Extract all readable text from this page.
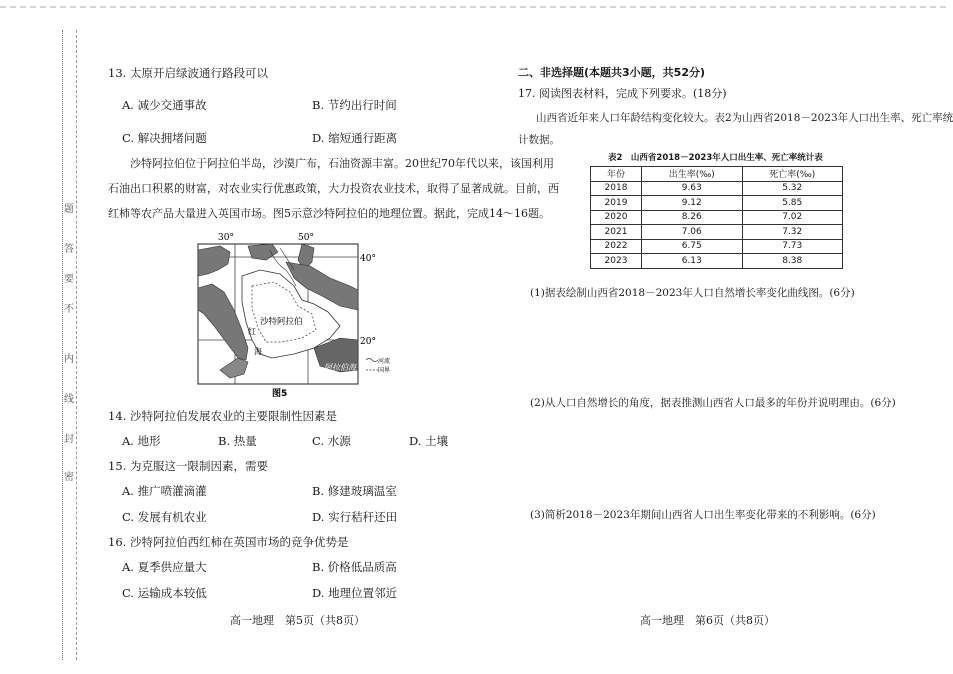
题
答
要
不
内
线
封
密
13. 太原开启绿波通行路段可以
A. 减少交通事故	B. 节约出行时间
C. 解决拥堵问题	D. 缩短通行距离
沙特阿拉伯位于阿拉伯半岛，沙漠广布，石油资源丰富。20世纪70年代以来，该国利用
石油出口积累的财富，对农业实行优惠政策，大力投资农业技术，取得了显著成就。目前，西
红柿等农产品大量进入英国市场。图5示意沙特阿拉伯的地理位置。据此，完成14～16题。
30°	50°
40°
20°
沙特阿拉伯
红
海
阿拉伯海
河流
国界
图5
14. 沙特阿拉伯发展农业的主要限制性因素是
A. 地形	B. 热量	C. 水源	D. 土壤
15. 为克服这一限制因素，需要
A. 推广喷灌滴灌	B. 修建玻璃温室
C. 发展有机农业	D. 实行秸秆还田
16. 沙特阿拉伯西红柿在英国市场的竞争优势是
A. 夏季供应量大	B. 价格低品质高
C. 运输成本较低	D. 地理位置邻近
高一地理　第5页（共8页）
二、非选择题(本题共3小题，共52分)
17. 阅读图表材料，完成下列要求。(18分)
山西省近年来人口年龄结构变化较大。表2为山西省2018－2023年人口出生率、死亡率统
计数据。
表2　山西省2018－2023年人口出生率、死亡率统计表
年份	出生率(‰)	死亡率(‰)
2018	9.63	5.32
2019	9.12	5.85
2020	8.26	7.02
2021	7.06	7.32
2022	6.75	7.73
2023	6.13	8.38
(1)据表绘制山西省2018－2023年人口自然增长率变化曲线图。(6分)
(2)从人口自然增长的角度，据表推测山西省人口最多的年份并说明理由。(6分)
(3)简析2018－2023年期间山西省人口出生率变化带来的不利影响。(6分)
高一地理　第6页（共8页）
